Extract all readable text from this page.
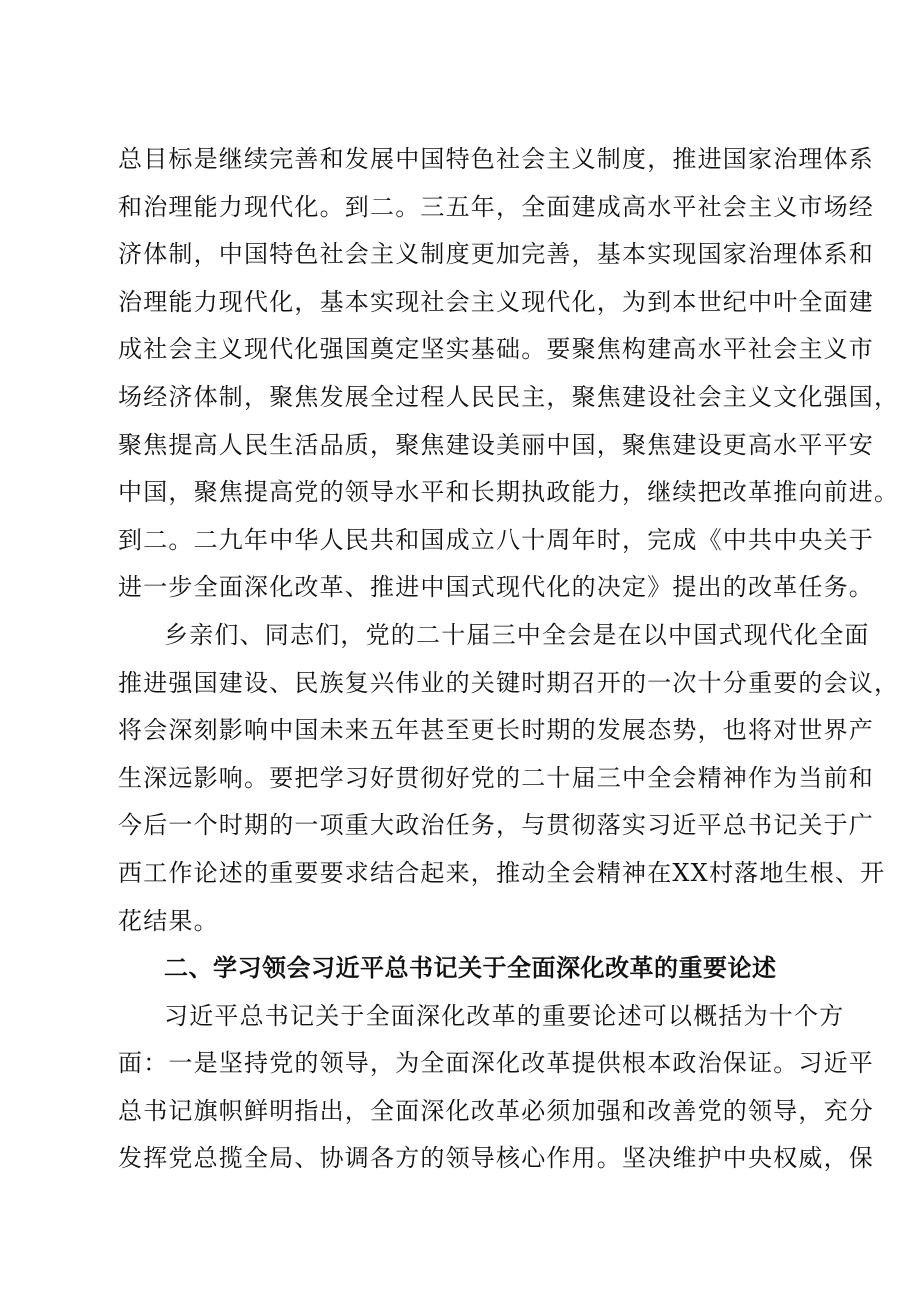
总目标是继续完善和发展中国特色社会主义制度，推进国家治理体系
和治理能力现代化。到二。三五年，全面建成高水平社会主义市场经
济体制，中国特色社会主义制度更加完善，基本实现国家治理体系和
治理能力现代化，基本实现社会主义现代化，为到本世纪中叶全面建
成社会主义现代化强国奠定坚实基础。要聚焦构建高水平社会主义市
场经济体制，聚焦发展全过程人民民主，聚焦建设社会主义文化强国，
聚焦提高人民生活品质，聚焦建设美丽中国，聚焦建设更高水平平安
中国，聚焦提高党的领导水平和长期执政能力，继续把改革推向前进。
到二。二九年中华人民共和国成立八十周年时，完成《中共中央关于
进一步全面深化改革、推进中国式现代化的决定》提出的改革任务。
乡亲们、同志们，党的二十届三中全会是在以中国式现代化全面
推进强国建设、民族复兴伟业的关键时期召开的一次十分重要的会议，
将会深刻影响中国未来五年甚至更长时期的发展态势，也将对世界产
生深远影响。要把学习好贯彻好党的二十届三中全会精神作为当前和
今后一个时期的一项重大政治任务，与贯彻落实习近平总书记关于广
西工作论述的重要要求结合起来，推动全会精神在XX村落地生根、开
花结果。
二、学习领会习近平总书记关于全面深化改革的重要论述
习近平总书记关于全面深化改革的重要论述可以概括为十个方
面：一是坚持党的领导，为全面深化改革提供根本政治保证。习近平
总书记旗帜鲜明指出，全面深化改革必须加强和改善党的领导，充分
发挥党总揽全局、协调各方的领导核心作用。坚决维护中央权威，保
